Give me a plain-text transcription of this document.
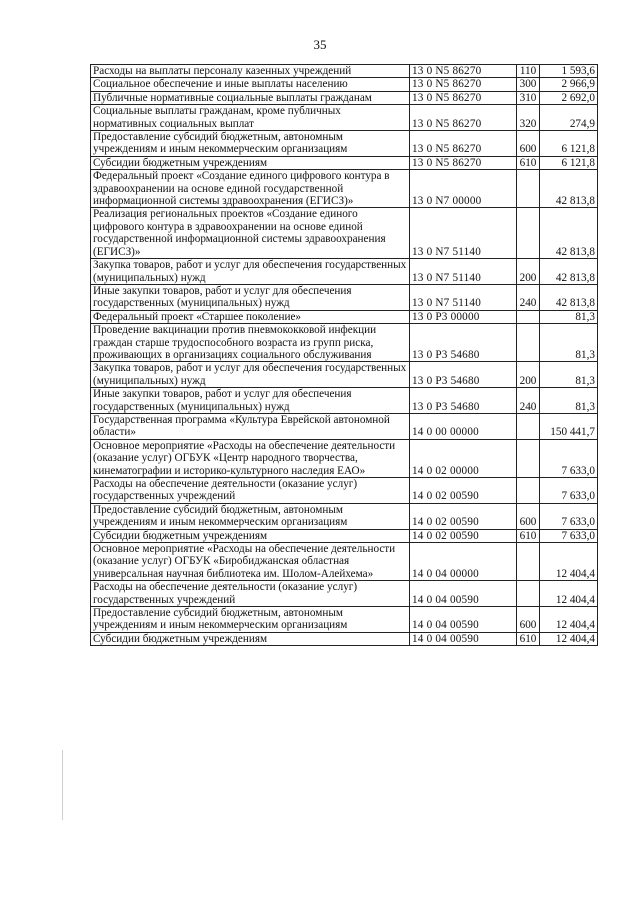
35
Расходы на выплаты персоналу казенных учреждений	13 0 N5 86270	110	1 593,6
Социальное обеспечение и иные выплаты населению	13 0 N5 86270	300	2 966,9
Публичные нормативные социальные выплаты гражданам	13 0 N5 86270	310	2 692,0
Социальные выплаты гражданам, кроме публичных нормативных социальных выплат	13 0 N5 86270	320	274,9
Предоставление субсидий бюджетным, автономным учреждениям и иным некоммерческим организациям	13 0 N5 86270	600	6 121,8
Субсидии бюджетным учреждениям	13 0 N5 86270	610	6 121,8
Федеральный проект «Создание единого цифрового контура в здравоохранении на основе единой государственной информационной системы здравоохранения (ЕГИСЗ)»	13 0 N7 00000		42 813,8
Реализация региональных проектов «Создание единого цифрового контура в здравоохранении на основе единой государственной информационной системы здравоохранения (ЕГИСЗ)»	13 0 N7 51140		42 813,8
Закупка товаров, работ и услуг для обеспечения государственных (муниципальных) нужд	13 0 N7 51140	200	42 813,8
Иные закупки товаров, работ и услуг для обеспечения государственных (муниципальных) нужд	13 0 N7 51140	240	42 813,8
Федеральный проект «Старшее поколение»	13 0 P3 00000		81,3
Проведение вакцинации против пневмококковой инфекции граждан старше трудоспособного возраста из групп риска, проживающих в организациях социального обслуживания	13 0 P3 54680		81,3
Закупка товаров, работ и услуг для обеспечения государственных (муниципальных) нужд	13 0 P3 54680	200	81,3
Иные закупки товаров, работ и услуг для обеспечения государственных (муниципальных) нужд	13 0 P3 54680	240	81,3
Государственная программа «Культура Еврейской автономной области»	14 0 00 00000		150 441,7
Основное мероприятие «Расходы на обеспечение деятельности (оказание услуг) ОГБУК «Центр народного творчества, кинематографии и историко-культурного наследия ЕАО»	14 0 02 00000		7 633,0
Расходы на обеспечение деятельности (оказание услуг) государственных учреждений	14 0 02 00590		7 633,0
Предоставление субсидий бюджетным, автономным учреждениям и иным некоммерческим организациям	14 0 02 00590	600	7 633,0
Субсидии бюджетным учреждениям	14 0 02 00590	610	7 633,0
Основное мероприятие «Расходы на обеспечение деятельности (оказание услуг) ОГБУК «Биробиджанская областная универсальная научная библиотека им. Шолом-Алейхема»	14 0 04 00000		12 404,4
Расходы на обеспечение деятельности (оказание услуг) государственных учреждений	14 0 04 00590		12 404,4
Предоставление субсидий бюджетным, автономным учреждениям и иным некоммерческим организациям	14 0 04 00590	600	12 404,4
Субсидии бюджетным учреждениям	14 0 04 00590	610	12 404,4
